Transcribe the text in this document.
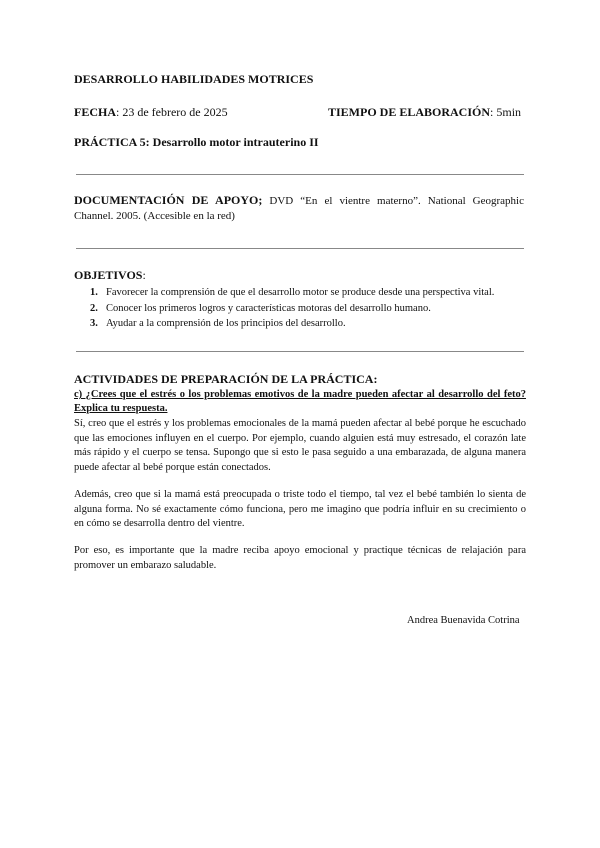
DESARROLLO HABILIDADES MOTRICES
FECHA: 23 de febrero de 2025	TIEMPO DE ELABORACIÓN: 5min
PRÁCTICA 5: Desarrollo motor intrauterino II
DOCUMENTACIÓN DE APOYO; DVD “En el vientre materno”. National Geographic Channel. 2005. (Accesible en la red)
OBJETIVOS:
1. Favorecer la comprensión de que el desarrollo motor se produce desde una perspectiva vital.
2. Conocer los primeros logros y características motoras del desarrollo humano.
3. Ayudar a la comprensión de los principios del desarrollo.
ACTIVIDADES DE PREPARACIÓN DE LA PRÁCTICA:
c) ¿Crees que el estrés o los problemas emotivos de la madre pueden afectar al desarrollo del feto? Explica tu respuesta.
Sí, creo que el estrés y los problemas emocionales de la mamá pueden afectar al bebé porque he escuchado que las emociones influyen en el cuerpo. Por ejemplo, cuando alguien está muy estresado, el corazón late más rápido y el cuerpo se tensa. Supongo que si esto le pasa seguido a una embarazada, de alguna manera puede afectar al bebé porque están conectados.
Además, creo que si la mamá está preocupada o triste todo el tiempo, tal vez el bebé también lo sienta de alguna forma. No sé exactamente cómo funciona, pero me imagino que podría influir en su crecimiento o en cómo se desarrolla dentro del vientre.
Por eso, es importante que la madre reciba apoyo emocional y practique técnicas de relajación para promover un embarazo saludable.
Andrea Buenavida Cotrina
